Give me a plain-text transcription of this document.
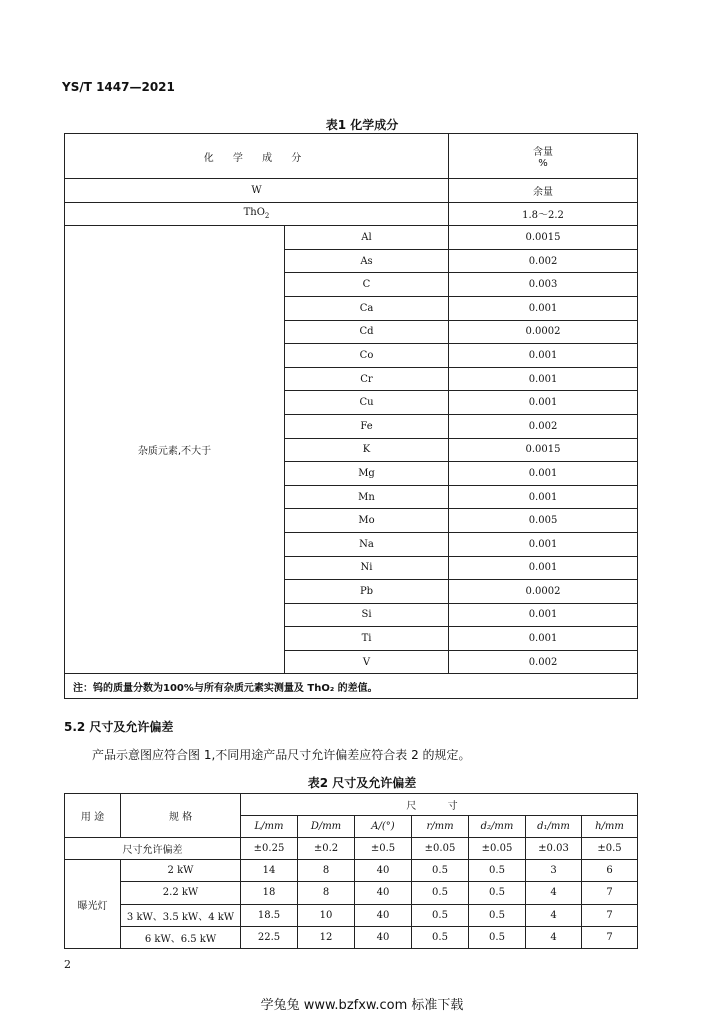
YS/T 1447—2021
表1 化学成分
化 学 成 分		含量
%

W		余量
ThO$_2$		1.8～2.2
杂质元素,不大于	Al	0.0015
	As	0.002
	C	0.003
	Ca	0.001
	Cd	0.0002
	Co	0.001
	Cr	0.001
	Cu	0.001
	Fe	0.002
	K	0.0015
	Mg	0.001
	Mn	0.001
	Mo	0.005
	Na	0.001
	Ni	0.001
	Pb	0.0002
	Si	0.001
	Ti	0.001
	V	0.002
注：钨的质量分数为100%与所有杂质元素实测量及 ThO₂ 的差值。		
5.2 尺寸及允许偏差
产品示意图应符合图 1,不同用途产品尺寸允许偏差应符合表 2 的规定。
表2 尺寸及允许偏差
用 途	规 格	尺 寸						
		L/mm	D/mm	A/(°)	r/mm	d₂/mm	d₁/mm	h/mm
尺寸允许偏差		±0.25	±0.2	±0.5	±0.05	±0.05	±0.03	±0.5
曝光灯	2 kW	14	8	40	0.5	0.5	3	6
	2.2 kW	18	8	40	0.5	0.5	4	7
	3 kW、3.5 kW、4 kW	18.5	10	40	0.5	0.5	4	7
	6 kW、6.5 kW	22.5	12	40	0.5	0.5	4	7
2
学兔兔 www.bzfxw.com 标准下载
